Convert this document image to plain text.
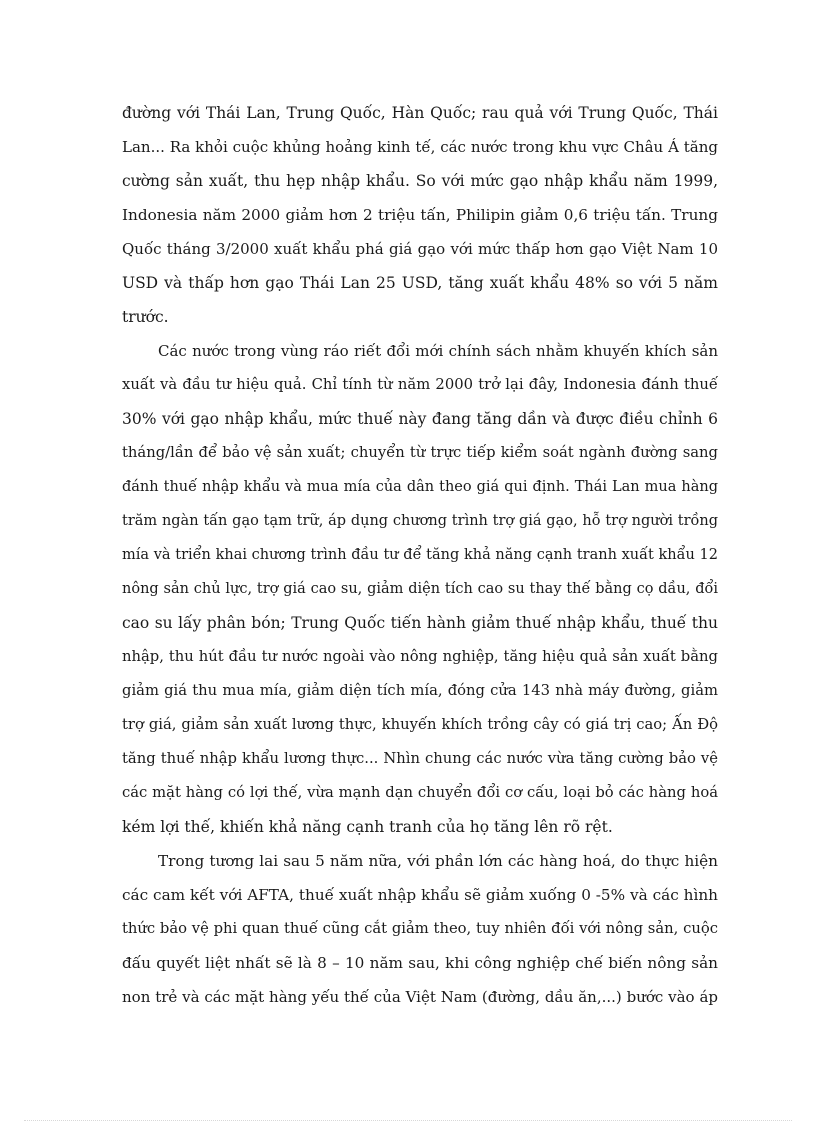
đường với Thái Lan, Trung Quốc, Hàn Quốc; rau quả với Trung Quốc, Thái
Lan... Ra khỏi cuộc khủng hoảng kinh tế, các nước trong khu vực Châu Á tăng
cường sản xuất, thu hẹp nhập khẩu. So với mức gạo nhập khẩu năm 1999,
Indonesia năm 2000 giảm hơn 2 triệu tấn, Philipin giảm 0,6 triệu tấn. Trung
Quốc tháng 3/2000 xuất khẩu phá giá gạo với mức thấp hơn gạo Việt Nam 10
USD và thấp hơn gạo Thái Lan 25 USD, tăng xuất khẩu 48% so với 5 năm
trước.
Các nước trong vùng ráo riết đổi mới chính sách nhằm khuyến khích sản
xuất và đầu tư hiệu quả. Chỉ tính từ năm 2000 trở lại đây, Indonesia đánh thuế
30% với gạo nhập khẩu, mức thuế này đang tăng dần và được điều chỉnh 6
tháng/lần để bảo vệ sản xuất; chuyển từ trực tiếp kiểm soát ngành đường sang
đánh thuế nhập khẩu và mua mía của dân theo giá qui định. Thái Lan mua hàng
trăm ngàn tấn gạo tạm trữ, áp dụng chương trình trợ giá gạo, hỗ trợ người trồng
mía và triển khai chương trình đầu tư để tăng khả năng cạnh tranh xuất khẩu 12
nông sản chủ lực, trợ giá cao su, giảm diện tích cao su thay thế bằng cọ dầu, đổi
cao su lấy phân bón; Trung Quốc tiến hành giảm thuế nhập khẩu, thuế thu
nhập, thu hút đầu tư nước ngoài vào nông nghiệp, tăng hiệu quả sản xuất bằng
giảm giá thu mua mía, giảm diện tích mía, đóng cửa 143 nhà máy đường, giảm
trợ giá, giảm sản xuất lương thực, khuyến khích trồng cây có giá trị cao; Ấn Độ
tăng thuế nhập khẩu lương thực... Nhìn chung các nước vừa tăng cường bảo vệ
các mặt hàng có lợi thế, vừa mạnh dạn chuyển đổi cơ cấu, loại bỏ các hàng hoá
kém lợi thế, khiến khả năng cạnh tranh của họ tăng lên rõ rệt.
Trong tương lai sau 5 năm nữa, với phần lớn các hàng hoá, do thực hiện
các cam kết với AFTA, thuế xuất nhập khẩu sẽ giảm xuống 0 -5% và các hình
thức bảo vệ phi quan thuế cũng cắt giảm theo, tuy nhiên đối với nông sản, cuộc
đấu quyết liệt nhất sẽ là 8 – 10 năm sau, khi công nghiệp chế biến nông sản
non trẻ và các mặt hàng yếu thế của Việt Nam (đường, dầu ăn,...) bước vào áp
